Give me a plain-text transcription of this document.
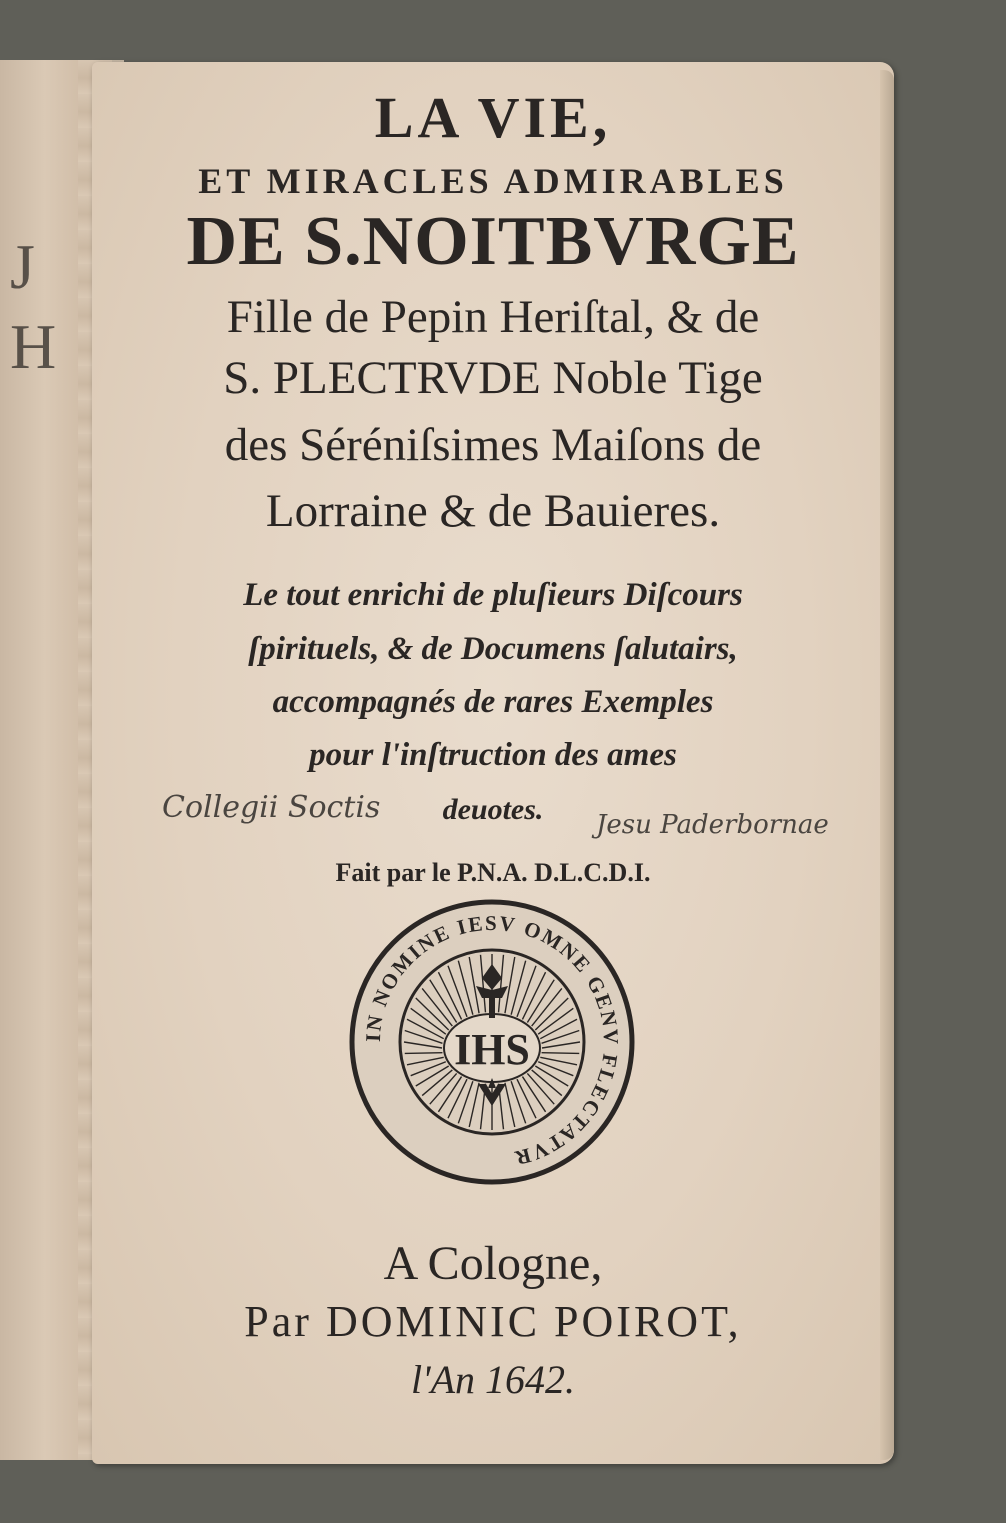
J
H
LA VIE,
ET MIRACLES ADMIRABLES
DE S.NOITBVRGE
Fille de Pepin Heriſtal, & de
S. PLECTRVDE Noble Tige
des Séréniſsimes Maiſons de
Lorraine & de Bauieres.
Le tout enrichi de pluſieurs Diſcours
ſpirituels, & de Documens ſalutairs,
accompagnés de rares Exemples
pour l'inſtruction des ames
deuotes.
Collegii Soctis	Jesu Paderbornae
Fait par le P.N.A. D.L.C.D.I.
IHS
IN NOMINE IESV OMNE GENV FLECTATVR
A Cologne,
Par DOMINIC POIROT,
l'An 1642.
